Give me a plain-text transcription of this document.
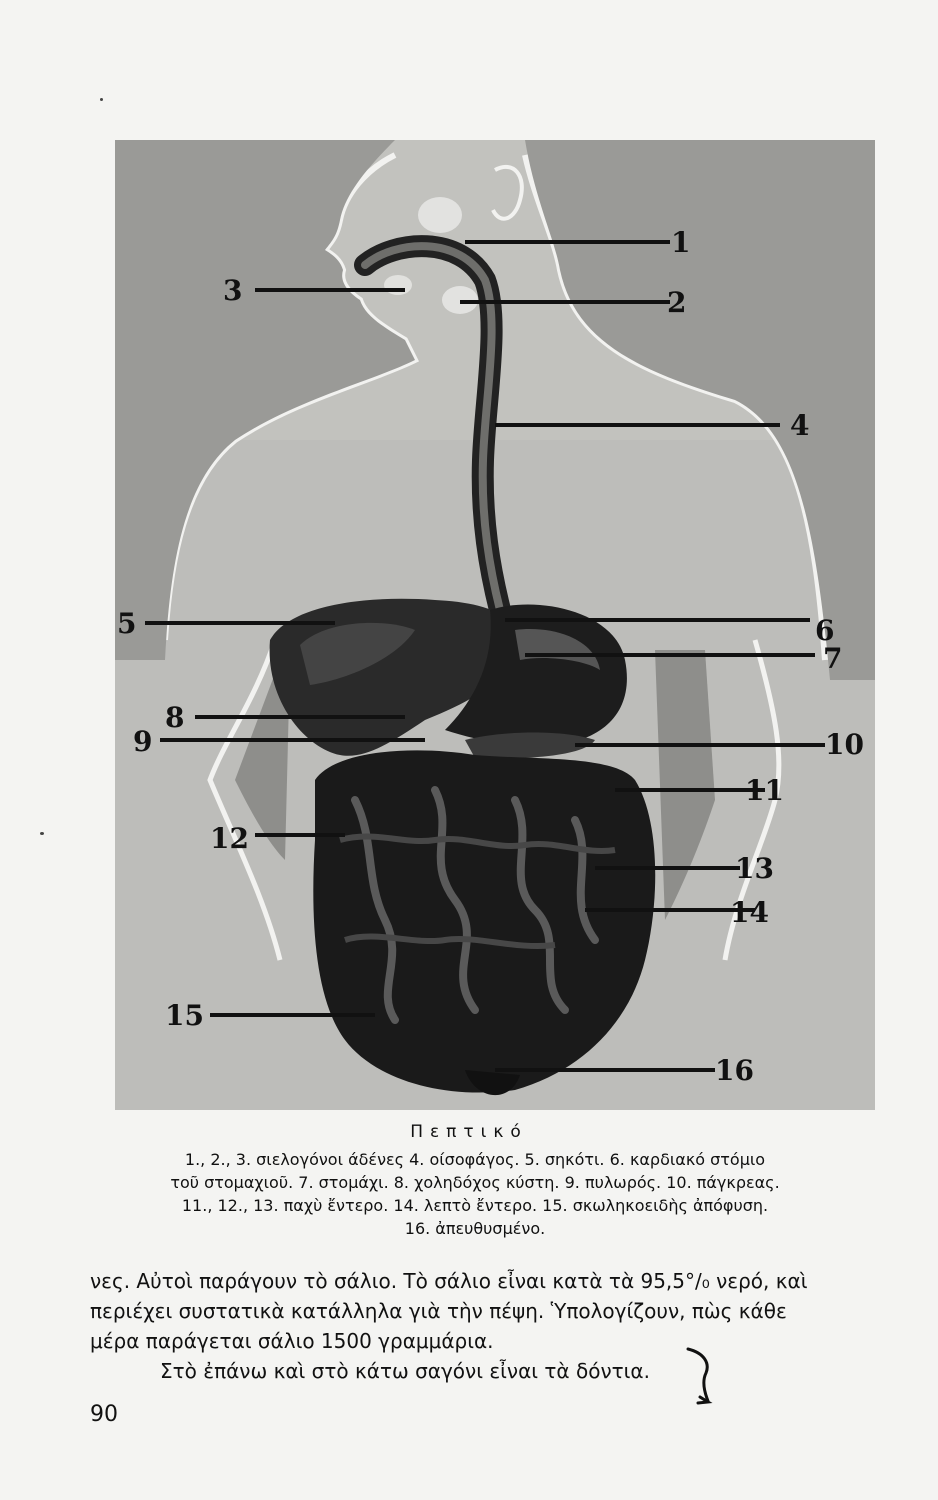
1
2
3
4
5	6
7
8
9	10
11
12
13
14
15
16
Πεπτικό
1., 2., 3. σιελογόνοι άδένες 4. οίσοφάγος. 5. σηκότι. 6. καρδιακό στόμιο
τοῦ στομαχιοῦ. 7. στομάχι. 8. χοληδόχος κύστη. 9. πυλωρός. 10. πάγκρεας.
11., 12., 13. παχὺ ἔντερο. 14. λεπτὸ ἔντερο. 15. σκωληκοειδὴς ἀπόφυση.
16. ἀπευθυσμένο.
νες. Αὐτοὶ παράγουν τὸ σάλιο. Τὸ σάλιο εἶναι κατὰ τὰ 95,5°/₀ νερό, καὶ
περιέχει συστατικὰ κατάλληλα γιὰ τὴν πέψη. Ὑπολογίζουν, πὼς κάθε
μέρα παράγεται σάλιο 1500 γραμμάρια.
Στὸ ἐπάνω καὶ στὸ κάτω σαγόνι εἶναι τὰ δόντια.
90
